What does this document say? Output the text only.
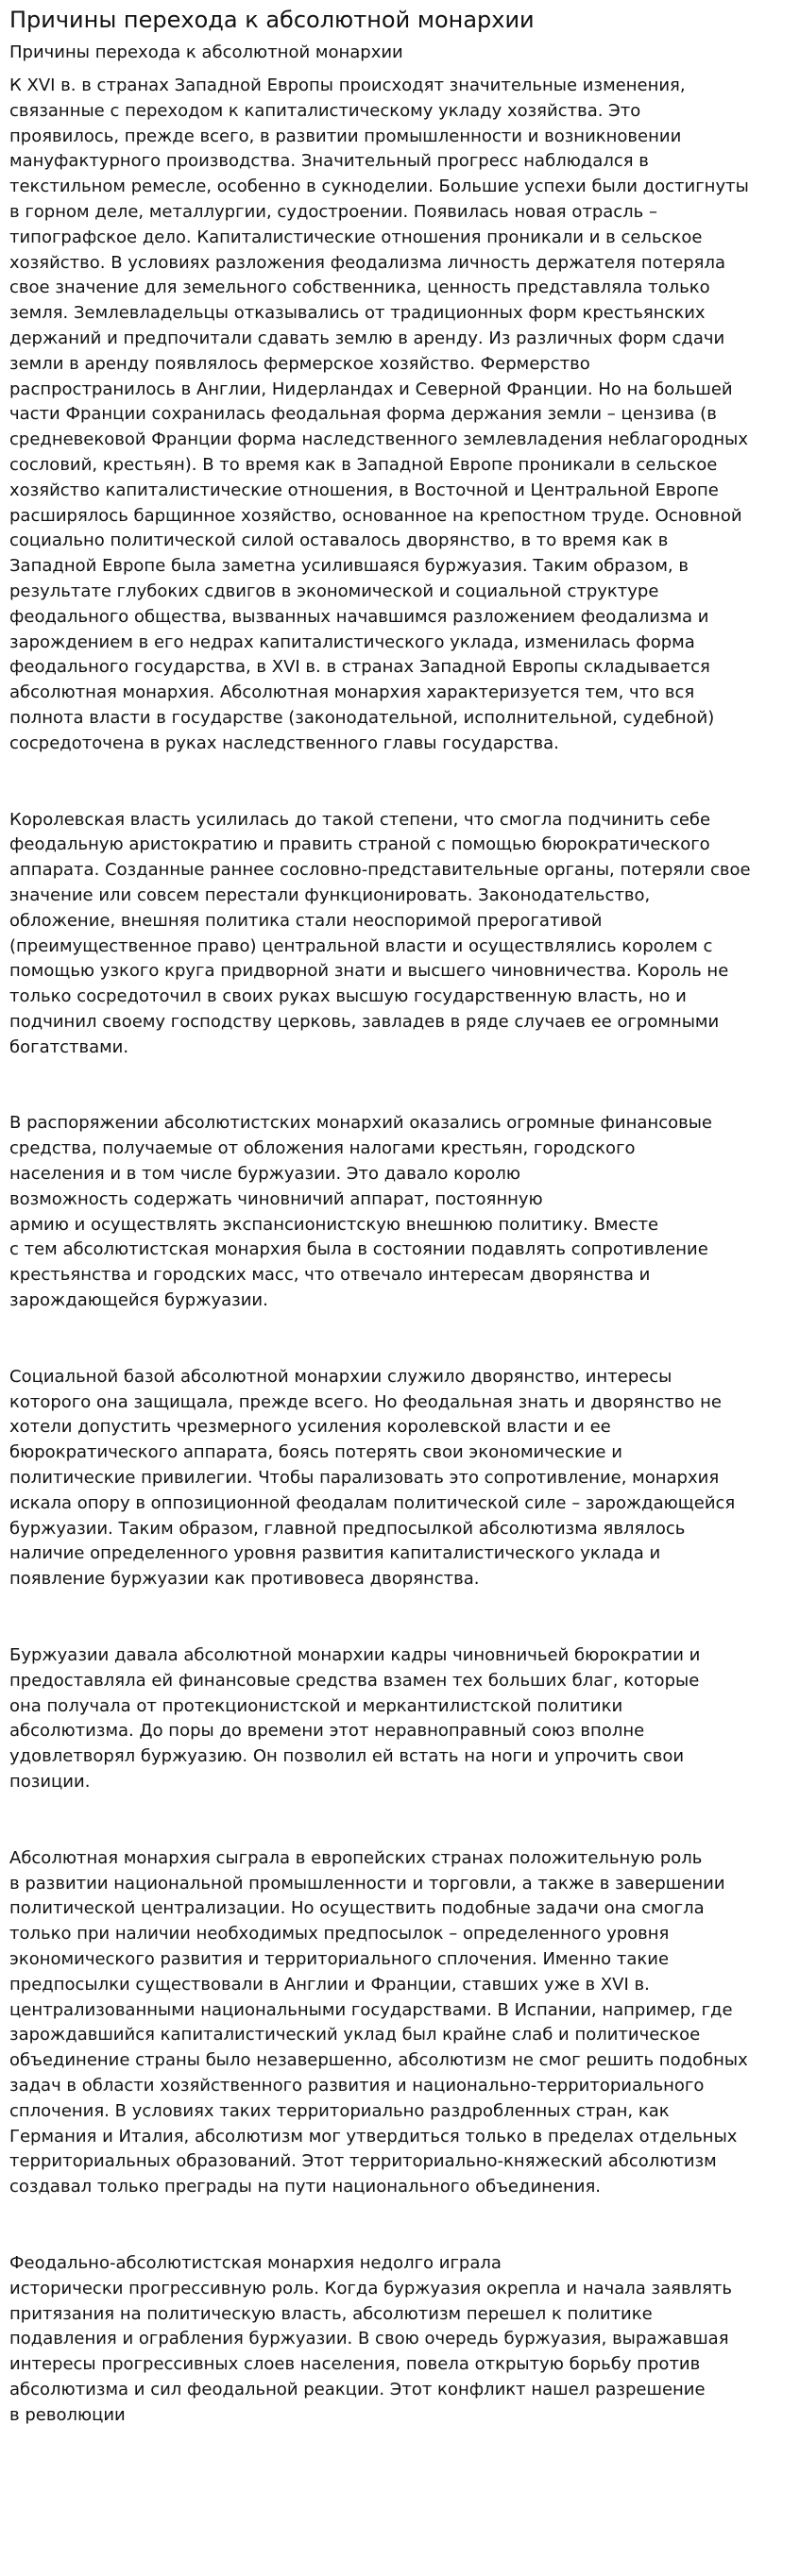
Причины перехода к абсолютной монархии
Причины перехода к абсолютной монархии

К XVI в. в странах Западной Европы происходят значительные изменения,
связанные с переходом к капиталистическому укладу хозяйства. Это
проявилось, прежде всего, в развитии промышленности и возникновении
мануфактурного производства. Значительный прогресс наблюдался в
текстильном ремесле, особенно в сукнoделии. Большие успехи были достигнуты
в горном деле, металлургии, судостроении. Появилась новая отрасль –
типографское дело. Капиталистические отношения проникали и в сельское
хозяйство. В условиях разложения феодализма личность держателя потеряла
свое значение для земельного собственника, ценность представляла только
земля. Землевладельцы отказывались от традиционных форм крестьянских
держаний и предпочитали сдавать землю в аренду. Из различных форм сдачи
земли в аренду появлялось фермерское хозяйство. Фермерство
распространилось в Англии, Нидерландах и Северной Франции. Но на большей
части Франции сохранилась феодальная форма держания земли – цензива (в
средневековой Франции форма наследственного землевладения неблагородных
сословий, крестьян). В то время как в Западной Европе проникали в сельское
хозяйство капиталистические отношения, в Восточной и Центральной Европе
расширялось барщинное хозяйство, основанное на крепостном труде. Основной
социально политической силой оставалось дворянство, в то время как в
Западной Европе была заметна усилившаяся буржуазия. Таким образом, в
результате глубоких сдвигов в экономической и социальной структуре
феодального общества, вызванных начавшимся разложением феодализма и
зарождением в его недрах капиталистического уклада, изменилась форма
феодального государства, в XVI в. в странах Западной Европы складывается
абсолютная монархия. Абсолютная монархия характеризуется тем, что вся
полнота власти в государстве (законодательной, исполнительной, судебной)
сосредоточена в руках наследственного главы государства.

Королевская власть усилилась до такой степени, что смогла подчинить себе
феодальную аристократию и править страной с помощью бюрократического
аппарата. Созданные раннее сословно-представительные органы, потеряли свое
значение или совсем перестали функционировать. Законодательство,
обложение, внешняя политика стали неоспоримой прерогативой
(преимущественное право) центральной власти и осуществлялись королем с
помощью узкого круга придворной знати и высшего чиновничества. Король не
только сосредоточил в своих руках высшую государственную власть, но и
подчинил своему господству церковь, завладев в ряде случаев ее огромными
богатствами.

В распоряжении абсолютистских монархий оказались огромные финансовые
средства, получаемые от обложения налогами крестьян, городского
населения и в том числе буржуазии. Это давало королю
возможность содержать чиновничий аппарат, постоянную
армию и осуществлять экспансионистскую внешнюю политику. Вместе
с тем абсолютистская монархия была в состоянии подавлять сопротивление
крестьянства и городских масс, что отвечало интересам дворянства и
зарождающейся буржуазии.

Социальной базой абсолютной монархии служило дворянство, интересы
которого она защищала, прежде всего. Но феодальная знать и дворянство не
хотели допустить чрезмерного усиления королевской власти и ее
бюрократического аппарата, боясь потерять свои экономические и
политические привилегии. Чтобы парализовать это сопротивление, монархия
искала опору в оппозиционной феодалам политической силе – зарождающейся
буржуазии. Таким образом, главной предпосылкой абсолютизма являлось
наличие определенного уровня развития капиталистического уклада и
появление буржуазии как противовеса дворянства.

Буржуазии давала абсолютной монархии кадры чиновничьей бюрократии и
предоставляла ей финансовые средства взамен тех больших благ, которые
она получала от протекционистской и меркантилистской политики
абсолютизма. До поры до времени этот неравноправный союз вполне
удовлетворял буржуазию. Он позволил ей встать на ноги и упрочить свои
позиции.

Абсолютная монархия сыграла в европейских странах положительную роль
в развитии национальной промышленности и торговли, а также в завершении
политической централизации. Но осуществить подобные задачи она смогла
только при наличии необходимых предпосылок – определенного уровня
экономического развития и территориального сплочения. Именно такие
предпосылки существовали в Англии и Франции, ставших уже в XVI в.
централизованными национальными государствами. В Испании, например, где
зарождавшийся капиталистический уклад был крайне слаб и политическое
объединение страны было незавершенно, абсолютизм не смог решить подобных
задач в области хозяйственного развития и национально-территориального
сплочения. В условиях таких территориально раздробленных стран, как
Германия и Италия, абсолютизм мог утвердиться только в пределах отдельных
территориальных образований. Этот территориально-княжеский абсолютизм
создавал только преграды на пути национального объединения.

Феодально-абсолютистская монархия недолго играла
исторически прогрессивную роль. Когда буржуазия окрепла и начала заявлять
притязания на политическую власть, абсолютизм перешел к политике
подавления и ограбления буржуазии. В свою очередь буржуазия, выражавшая
интересы прогрессивных слоев населения, повела открытую борьбу против
абсолютизма и сил феодальной реакции. Этот конфликт нашел разрешение
в революции
